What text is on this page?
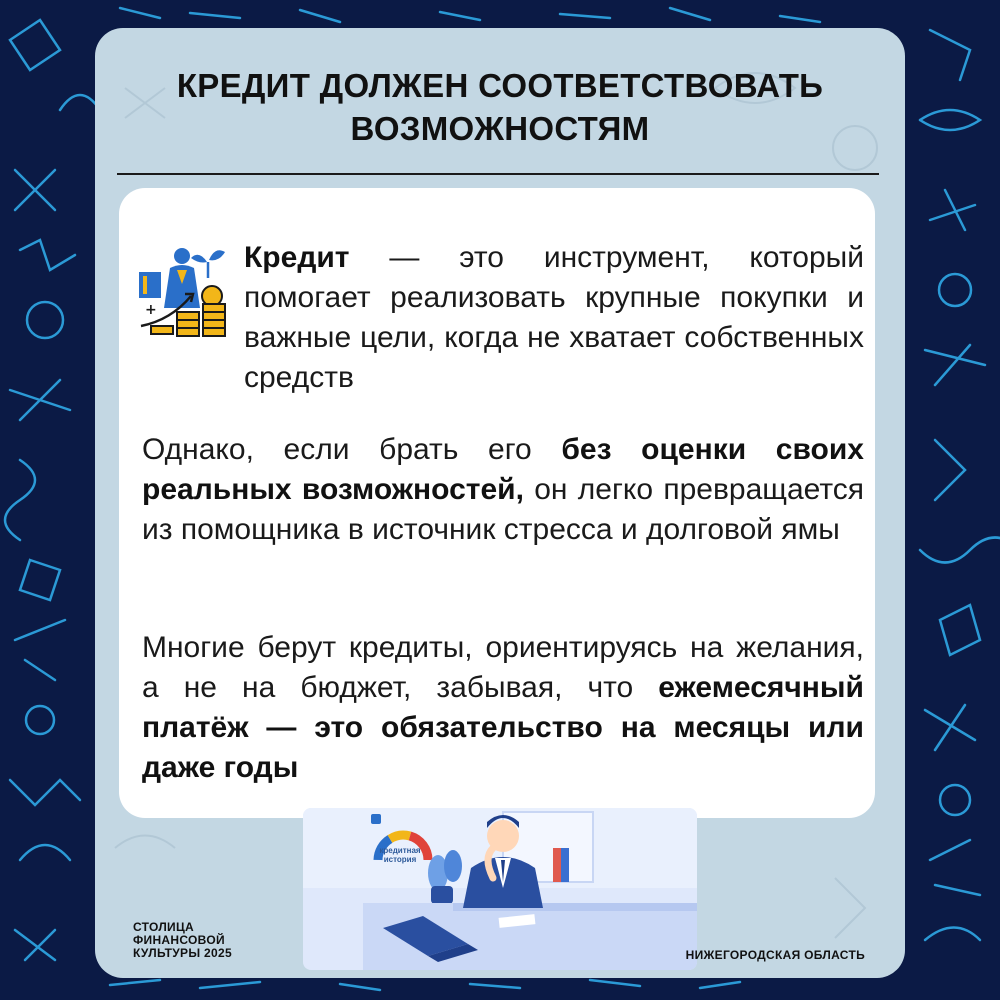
КРЕДИТ ДОЛЖЕН СООТВЕТСТВОВАТЬ
ВОЗМОЖНОСТЯМ
+
Кредит — это инструмент, который помогает реализовать крупные покупки и важные цели, когда не хватает собственных средств
Однако, если брать его без оценки своих реальных возможностей, он легко превращается из помощника в источник стресса и долговой ямы
Многие берут кредиты, ориентируясь на желания, а не на бюджет, забывая, что ежемесячный платёж — это обязательство на месяцы или даже годы
кредитная
история
СТОЛИЦА
ФИНАНСОВОЙ
КУЛЬТУРЫ 2025	НИЖЕГОРОДСКАЯ ОБЛАСТЬ
